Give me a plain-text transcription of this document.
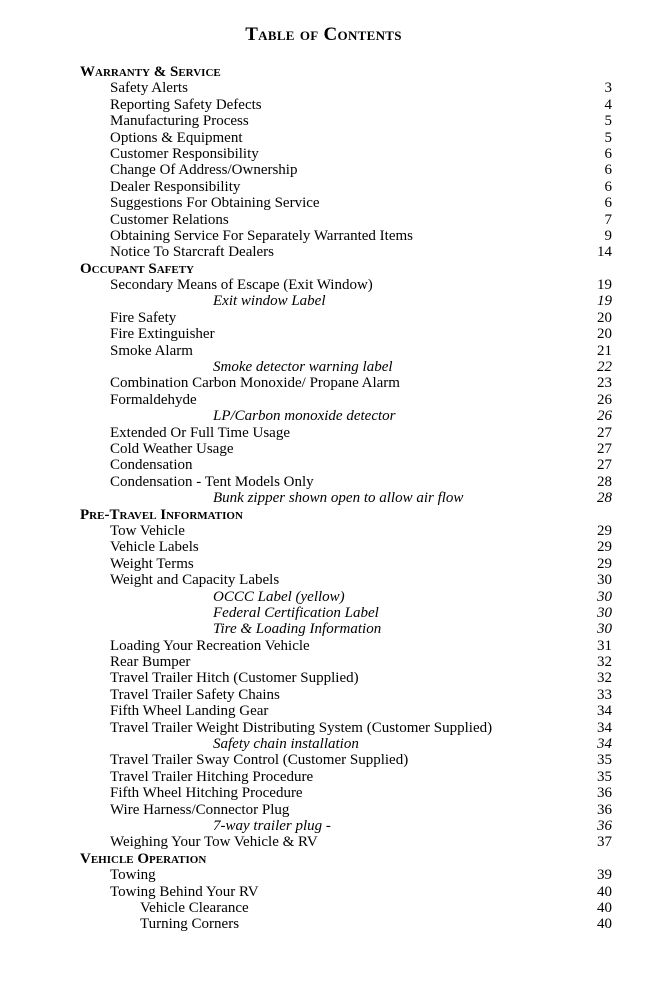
Table of Contents
Warranty & Service
Safety Alerts	3
Reporting Safety Defects	4
Manufacturing Process	5
Options & Equipment	5
Customer Responsibility	6
Change Of Address/Ownership	6
Dealer Responsibility	6
Suggestions For Obtaining Service	6
Customer Relations	7
Obtaining Service For Separately Warranted Items	9
Notice To Starcraft Dealers	14
Occupant Safety
Secondary Means of Escape (Exit Window)	19
Exit window Label	19
Fire Safety	20
Fire Extinguisher	20
Smoke Alarm	21
Smoke detector warning label	22
Combination Carbon Monoxide/ Propane Alarm	23
Formaldehyde	26
LP/Carbon monoxide detector	26
Extended Or Full Time Usage	27
Cold Weather Usage	27
Condensation	27
Condensation - Tent Models Only	28
Bunk zipper shown open to allow air flow	28
Pre-Travel Information
Tow Vehicle	29
Vehicle Labels	29
Weight Terms	29
Weight and Capacity Labels	30
OCCC Label (yellow)	30
Federal Certification Label	30
Tire & Loading Information	30
Loading Your Recreation Vehicle	31
Rear Bumper	32
Travel Trailer Hitch (Customer Supplied)	32
Travel Trailer Safety Chains	33
Fifth Wheel Landing Gear	34
Travel Trailer Weight Distributing System (Customer Supplied)	34
Safety chain installation	34
Travel Trailer Sway Control (Customer Supplied)	35
Travel Trailer Hitching Procedure	35
Fifth Wheel Hitching Procedure	36
Wire Harness/Connector Plug	36
7-way trailer plug -	36
Weighing Your Tow Vehicle & RV	37
Vehicle Operation
Towing	39
Towing Behind Your RV	40
Vehicle Clearance	40
Turning Corners	40
